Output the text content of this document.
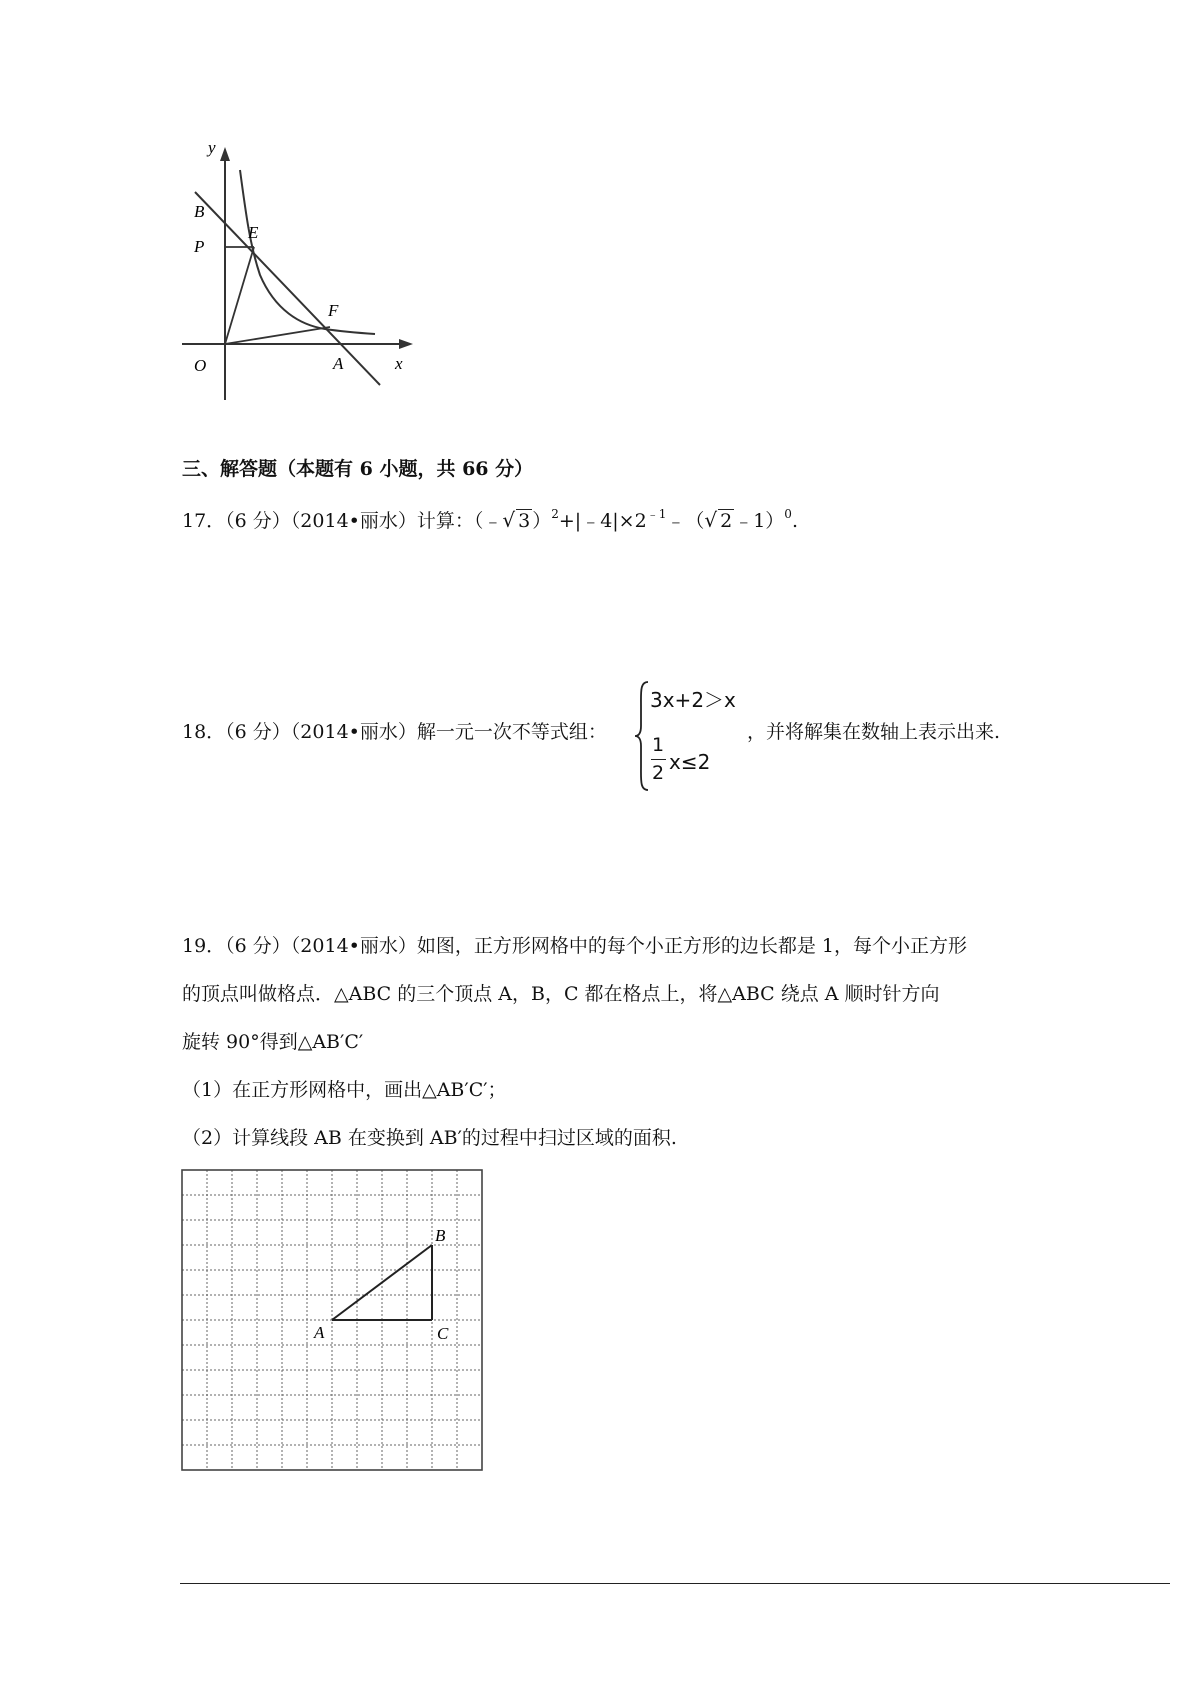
y
B
E
P
F
O	A	x
三、解答题（本题有 6 小题，共 66 分）
17．（6 分）（2014•丽水）计算：（﹣√ 3 ）$^2+|﹣4|\times 2^{﹣1}﹣(√$ 2 ﹣1）$^0$.
18．（6 分）（2014•丽水）解一元一次不等式组：
3x+2＞x
1
2 x≤2
，并将解集在数轴上表示出来.
19．（6 分）（2014•丽水）如图，正方形网格中的每个小正方形的边长都是 1，每个小正方形
的顶点叫做格点．△ABC 的三个顶点 A，B，C 都在格点上，将△ABC 绕点 A 顺时针方向
旋转 90°得到△AB′C′
（1）在正方形网格中，画出△AB′C′；
（2）计算线段 AB 在变换到 AB′的过程中扫过区域的面积.
A
B
C
